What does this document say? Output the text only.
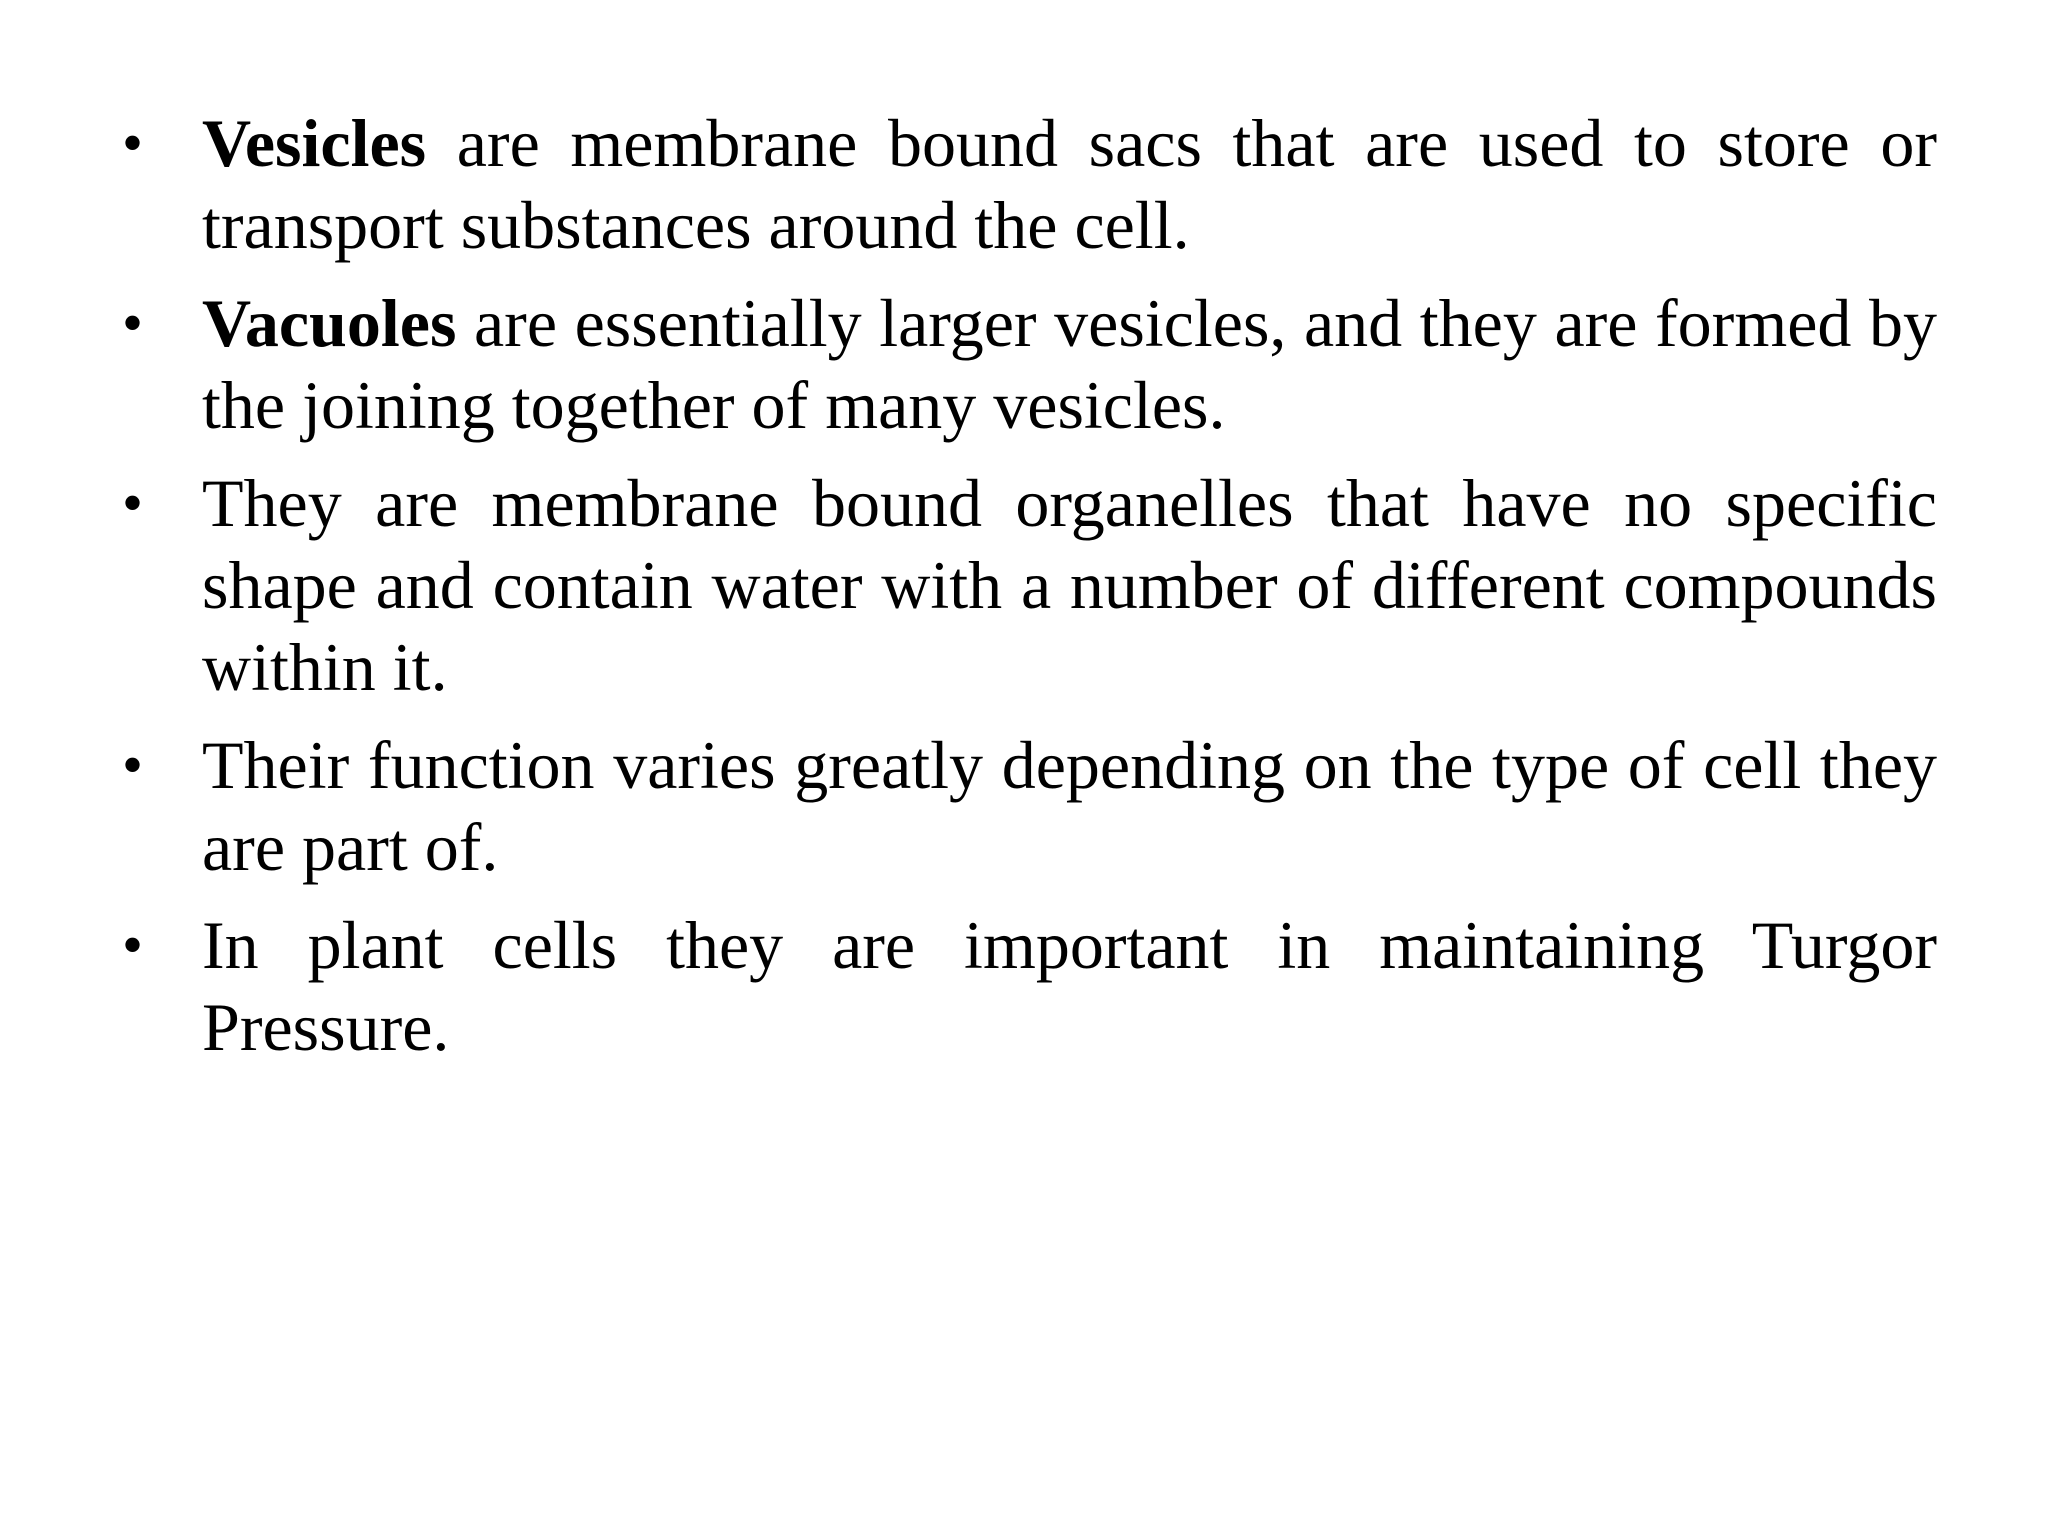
• Vesicles are membrane bound sacs that are used to store or transport substances around the cell.
• Vacuoles are essentially larger vesicles, and they are formed by the joining together of many vesicles.
• They are membrane bound organelles that have no specific shape and contain water with a number of different compounds within it.
• Their function varies greatly depending on the type of cell they are part of.
• In plant cells they are important in maintaining Turgor Pressure.
